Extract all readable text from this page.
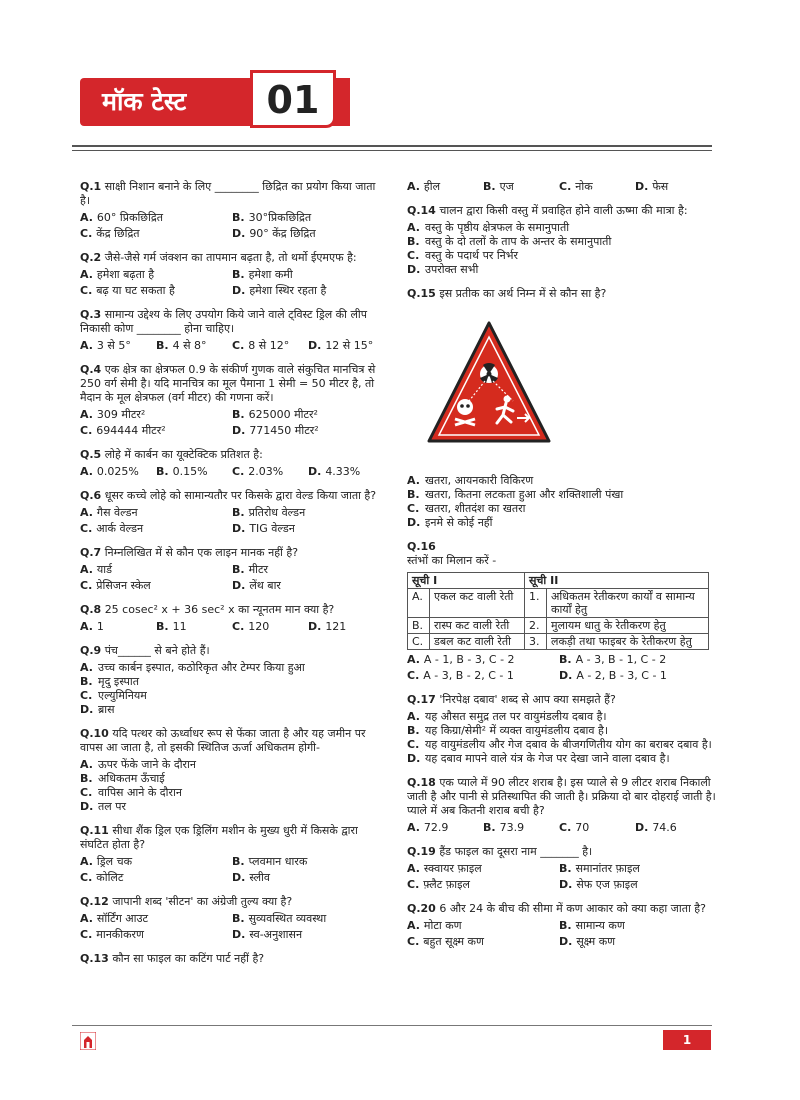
मॉक टेस्ट	01
Q.1 साक्षी निशान बनाने के लिए ________ छिद्रित का प्रयोग किया जाता है।
A. 60° प्रिकछिद्रित	B. 30°प्रिकछिद्रित
C. केंद्र छिद्रित	D. 90° केंद्र छिद्रित
Q.2 जैसे-जैसे गर्म जंक्शन का तापमान बढ़ता है, तो थर्मो ईएमएफ है:
A. हमेशा बढ़ता है	B. हमेशा कमी
C. बढ़ या घट सकता है	D. हमेशा स्थिर रहता है
Q.3 सामान्य उद्देश्य के लिए उपयोग किये जाने वाले ट्विस्ट ड्रिल की लीप निकासी कोण ________ होना चाहिए।
A. 3 से 5°	B. 4 से 8°	C. 8 से 12°	D. 12 से 15°
Q.4 एक क्षेत्र का क्षेत्रफल 0.9 के संकीर्ण गुणक वाले संकुचित मानचित्र से 250 वर्ग सेमी है। यदि मानचित्र का मूल पैमाना 1 सेमी = 50 मीटर है, तो मैदान के मूल क्षेत्रफल (वर्ग मीटर) की गणना करें।
A. 309 मीटर²	B. 625000 मीटर²
C. 694444 मीटर²	D. 771450 मीटर²
Q.5 लोहे में कार्बन का यूक्टेक्टिक प्रतिशत है:
A. 0.025%	B. 0.15%	C. 2.03%	D. 4.33%
Q.6 धूसर कच्चे लोहे को सामान्यतौर पर किसके द्वारा वेल्ड किया जाता है?
A. गैस वेल्डन	B. प्रतिरोध वेल्डन
C. आर्क वेल्डन	D. TIG वेल्डन
Q.7 निम्नलिखित में से कौन एक लाइन मानक नहीं है?
A. यार्ड	B. मीटर
C. प्रेसिजन स्केल	D. लेंथ बार
Q.8 25 cosec² x + 36 sec² x का न्यूनतम मान क्या है?
A. 1	B. 11	C. 120	D. 121
Q.9 पंच______ से बने होते हैं।
A. उच्च कार्बन इस्पात, कठोरिकृत और टेम्पर किया हुआ
B. मृदु इस्पात
C. एल्युमिनियम
D. ब्रास
Q.10 यदि पत्थर को ऊर्ध्वाधर रूप से फेंका जाता है और यह जमीन पर वापस आ जाता है, तो इसकी स्थितिज ऊर्जा अधिकतम होगी-
A. ऊपर फेंके जाने के दौरान
B. अधिकतम ऊँचाई
C. वापिस आने के दौरान
D. तल पर
Q.11 सीधा शैंक ड्रिल एक ड्रिलिंग मशीन के मुख्य धुरी में किसके द्वारा संघटित होता है?
A. ड्रिल चक	B. प्लवमान धारक
C. कोलिट	D. स्लीव
Q.12 जापानी शब्द 'सीटन' का अंग्रेजी तुल्य क्या है?
A. सॉर्टिंग आउट	B. सुव्यवस्थित व्यवस्था
C. मानकीकरण	D. स्व-अनुशासन
Q.13 कौन सा फाइल का कटिंग पार्ट नहीं है?
A. हील	B. एज	C. नोक	D. फेस
Q.14 चालन द्वारा किसी वस्तु में प्रवाहित होने वाली ऊष्मा की मात्रा है:
A. वस्तु के पृष्ठीय क्षेत्रफल के समानुपाती
B. वस्तु के दो तलों के ताप के अन्तर के समानुपाती
C. वस्तु के पदार्थ पर निर्भर
D. उपरोक्त सभी
Q.15 इस प्रतीक का अर्थ निम्न में से कौन सा है?
A. खतरा, आयनकारी विकिरण
B. खतरा, कितना लटकता हुआ और शक्तिशाली पंखा
C. खतरा, शीतदंश का खतरा
D. इनमे से कोई नहीं
Q.16
स्तंभों का मिलान करें -
सूची I		सूची II	
A.	एकल कट वाली रेती	1.	अधिकतम रेतीकरण कार्यों व सामान्य कार्यों हेतु
B.	रास्प कट वाली रेती	2.	मुलायम धातु के रेतीकरण हेतु
C.	डबल कट वाली रेती	3.	लकड़ी तथा फाइबर के रेतीकरण हेतु
A. A - 1, B - 3, C - 2	B. A - 3, B - 1, C - 2
C. A - 3, B - 2, C - 1	D. A - 2, B - 3, C - 1
Q.17 'निरपेक्ष दबाव' शब्द से आप क्या समझते हैं?
A. यह औसत समुद्र तल पर वायुमंडलीय दबाव है।
B. यह किग्रा/सेमी² में व्यक्त वायुमंडलीय दबाव है।
C. यह वायुमंडलीय और गेज दबाव के बीजगणितीय योग का बराबर दबाव है।
D. यह दबाव मापने वाले यंत्र के गेज पर देखा जाने वाला दबाव है।
Q.18 एक प्याले में 90 लीटर शराब है। इस प्याले से 9 लीटर शराब निकाली जाती है और पानी से प्रतिस्थापित की जाती है। प्रक्रिया दो बार दोहराई जाती है। प्याले में अब कितनी शराब बची है?
A. 72.9	B. 73.9	C. 70	D. 74.6
Q.19 हैंड फाइल का दूसरा नाम _______ है।
A. स्क्वायर फ़ाइल	B. समानांतर फ़ाइल
C. फ़्लैट फ़ाइल	D. सेफ एज फ़ाइल
Q.20 6 और 24 के बीच की सीमा में कण आकार को क्या कहा जाता है?
A. मोटा कण	B. सामान्य कण
C. बहुत सूक्ष्म कण	D. सूक्ष्म कण
1
